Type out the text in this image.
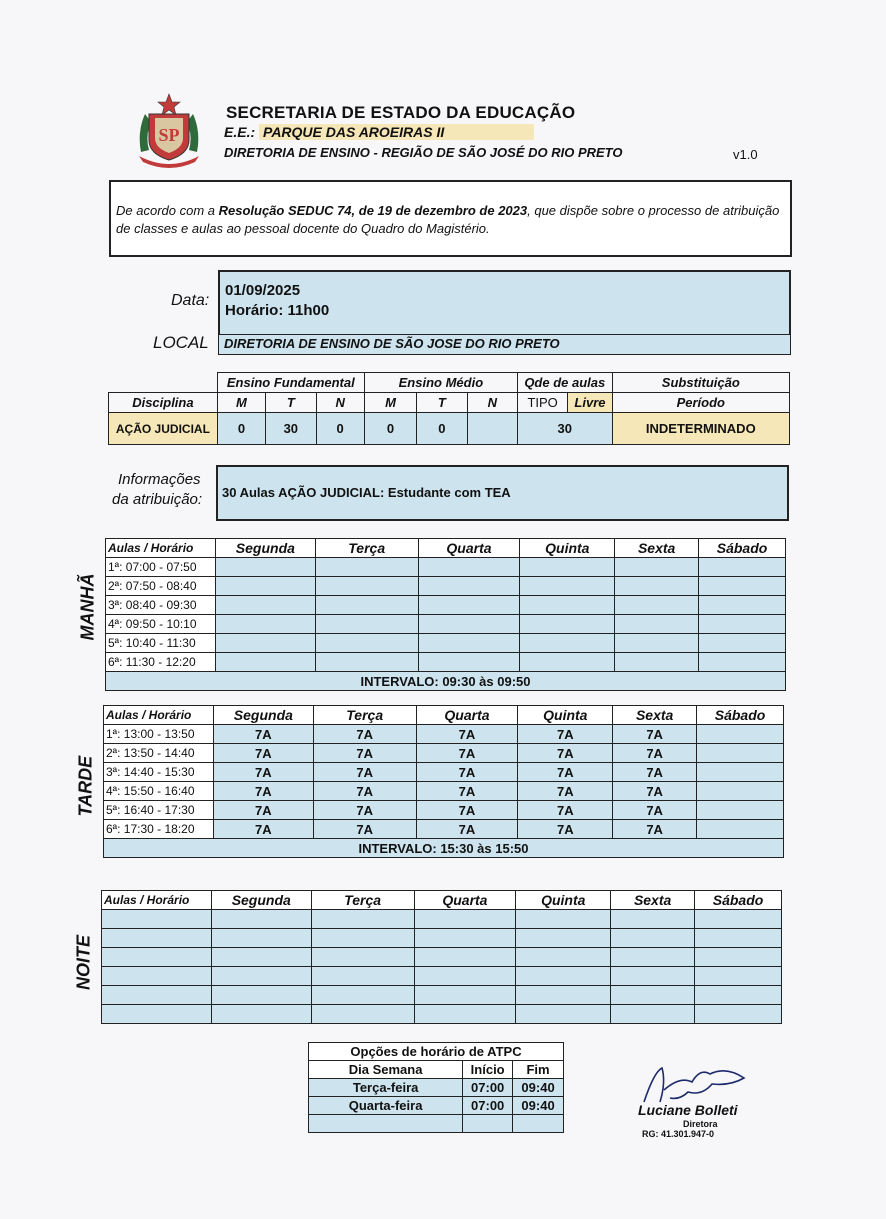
SP
SECRETARIA DE ESTADO DA EDUCAÇÃO
E.E.: PARQUE DAS AROEIRAS II
DIRETORIA DE ENSINO - REGIÃO DE SÃO JOSÉ DO RIO PRETO	v1.0
De acordo com a Resolução SEDUC 74, de 19 de dezembro de 2023, que dispõe sobre o processo de atribuição de classes e aulas ao pessoal docente do Quadro do Magistério.
Data:
01/09/2025
Horário: 11h00
LOCAL	DIRETORIA DE ENSINO DE SÃO JOSE DO RIO PRETO
	Ensino Fundamental			Ensino Médio			Qde de aulas		Substituição
Disciplina	M	T	N	M	T	N	TIPO	Livre	Período
AÇÃO JUDICIAL	0	30	0	0	0		30		INDETERMINADO
Informações
da atribuição:	30 Aulas AÇÃO JUDICIAL: Estudante com TEA
MANHÃ
Aulas / Horário	Segunda	Terça	Quarta	Quinta	Sexta	Sábado
1ª: 07:00 - 07:50						
2ª: 07:50 - 08:40						
3ª: 08:40 - 09:30						
4ª: 09:50 - 10:10						
5ª: 10:40 - 11:30						
6ª: 11:30 - 12:20						
INTERVALO: 09:30 às 09:50						
TARDE
Aulas / Horário	Segunda	Terça	Quarta	Quinta	Sexta	Sábado
1ª: 13:00 - 13:50	7A	7A	7A	7A	7A	
2ª: 13:50 - 14:40	7A	7A	7A	7A	7A	
3ª: 14:40 - 15:30	7A	7A	7A	7A	7A	
4ª: 15:50 - 16:40	7A	7A	7A	7A	7A	
5ª: 16:40 - 17:30	7A	7A	7A	7A	7A	
6ª: 17:30 - 18:20	7A	7A	7A	7A	7A	
INTERVALO: 15:30 às 15:50						
NOITE
Aulas / Horário	Segunda	Terça	Quarta	Quinta	Sexta	Sábado

Opções de horário de ATPC		
Dia Semana	Início	Fim
Terça-feira	07:00	09:40
Quarta-feira	07:00	09:40
			Luciane Bolleti
Diretora
RG: 41.301.947-0
